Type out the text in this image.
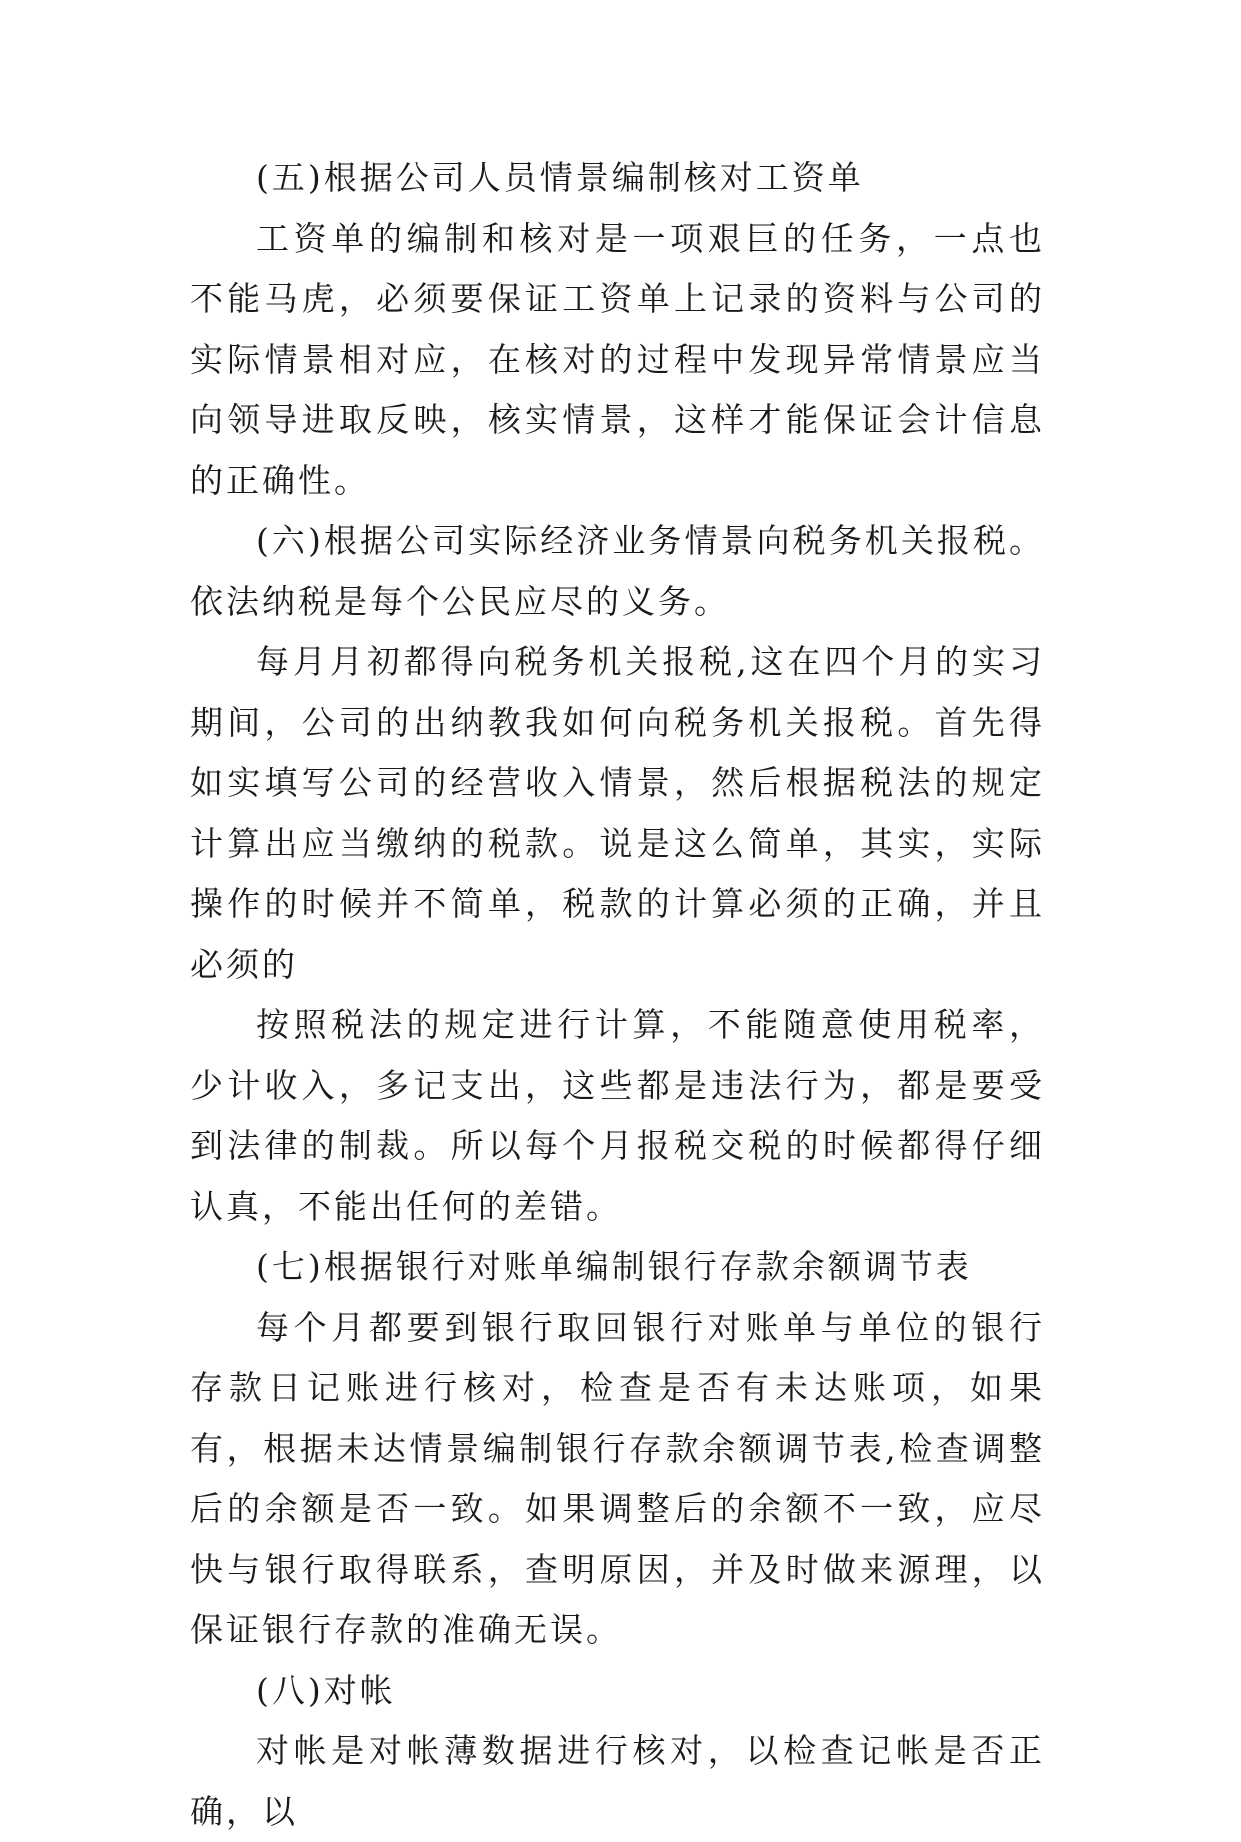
(五)根据公司人员情景编制核对工资单

工资单的编制和核对是一项艰巨的任务，一点也不能马虎，必须要保证工资单上记录的资料与公司的实际情景相对应，在核对的过程中发现异常情景应当向领导进取反映，核实情景，这样才能保证会计信息的正确性。

(六)根据公司实际经济业务情景向税务机关报税。依法纳税是每个公民应尽的义务。

每月月初都得向税务机关报税,这在四个月的实习期间，公司的出纳教我如何向税务机关报税。首先得如实填写公司的经营收入情景，然后根据税法的规定计算出应当缴纳的税款。说是这么简单，其实，实际操作的时候并不简单，税款的计算必须的正确，并且必须的

按照税法的规定进行计算，不能随意使用税率，少计收入，多记支出，这些都是违法行为，都是要受到法律的制裁。所以每个月报税交税的时候都得仔细认真，不能出任何的差错。

(七)根据银行对账单编制银行存款余额调节表

每个月都要到银行取回银行对账单与单位的银行存款日记账进行核对，检查是否有未达账项，如果有，根据未达情景编制银行存款余额调节表,检查调整后的余额是否一致。如果调整后的余额不一致，应尽快与银行取得联系，查明原因，并及时做来源理，以保证银行存款的准确无误。

(八)对帐

对帐是对帐薄数据进行核对，以检查记帐是否正确，以
